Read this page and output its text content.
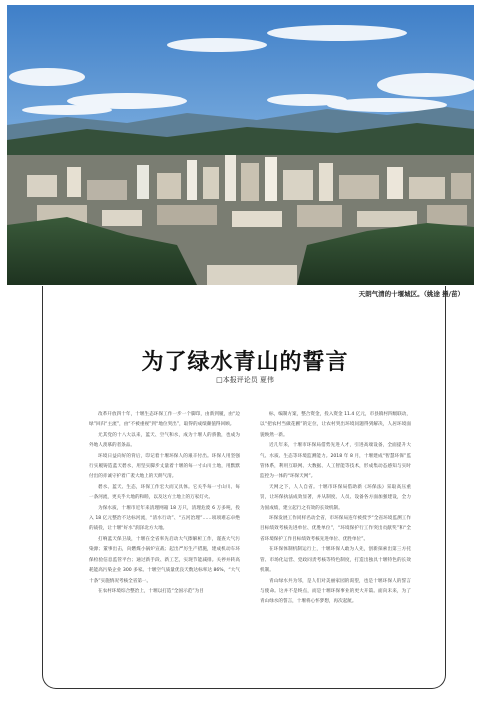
天朗气清的十堰城区。（姚途 摄/苗）
为了绿水青山的誓言
□本报评论员 夏伟

改革开放四十年，十堰生态环保工作一步一个脚印，由新到履，由“边绿”回归“主流”，由“不被重视”到“地位突出”，取得的成绩颇值得回顾。

尤其党的十八大以来，蓝天、空气和水，成为十堰人的骄傲，也成为外地人羡慕的者条品。

环境日益向好的背后，印记着十堰环保人的艰辛付出。环保人用坚强行实履铸造蓝天碧水，用坚实脚步丈量着十堰的每一寸山川土地，用默默付出的赤诚守护着广袤大地上的天朗气清。

碧水、蓝天、生态，环保工作宏大而又具体。它关乎每一寸山川、每一条河流，更关乎大地的和睦，以及这方土地上的万家灯火。

为保水质，十堰市近年来清理网箱 18 万只，清理危废 6 万多吨，投入 18 亿元整治不达标河流，“清水行动”、“五河治理”……项项难忘卓绝的战役，让十堰“好水”润泽北方大地。

打响蓝天保卫战，十堰在全省率先启动大气擦解析工作，谨查大气污染源；董事出击，向燃煤小锅炉宣战；起出严厉生产措施，建成机动车环保检验信息监管平台；通过新手段、新工艺，实现节能减排。关停并转高耗能高污染企业 300 多家。十堰空气质量优良天数达标率达 86%，“大气十条”实施情况考核全省第一。

在农村环境综合整治上，十堰以打造“全国示范”为目

标，编制方案，整合资金，投入资金 11.4 亿元，市县镇村四级联动，以“把农村当做花圃”的定位，让农村突出环境问题得到解决，人居环境面貌焕然一新。

近几年来，十堰市环保局借势先进人才，引进高端设备，全面提升大气、水质、生态等环境监测能力。2018 年 8 月，十堰建成“智慧环保”监管体系，利用互联网、大数据、人工智能等技术，形成集动态感知与实时监控为一体的“环保天网”。

天网之下，人人自省。十堰市环保局借助新《环保法》采取高压重罚，让环保执法成效显著，并从制度、人员、设备各方面加强建设，全力为固成绩，建立起行之有效的长效机制。

环保发展工作同样名动全省，市环保局连年被授予“全省环境监测工作目标绩效考核先进单位、优胜单位”，“环境保护行工作突出贡献奖”和“全省环境保护工作目标绩效考核先进单位、优胜单位”。

在环保体制机制运行上，十堰环保人敢为人先，创新探索出第三方托管、市场化运营、党政同责考核等特色制度，打造出独具十堰特色的长效机制。

青山绿水共为邻，是人们对美丽家园的渴望，也是十堰环保人的誓言与使命。这并不是终点，而是十堰环保事业的更大开篇。面向未来，为了青山绿水的誓言，十堰将心怀梦想，再次起航。
